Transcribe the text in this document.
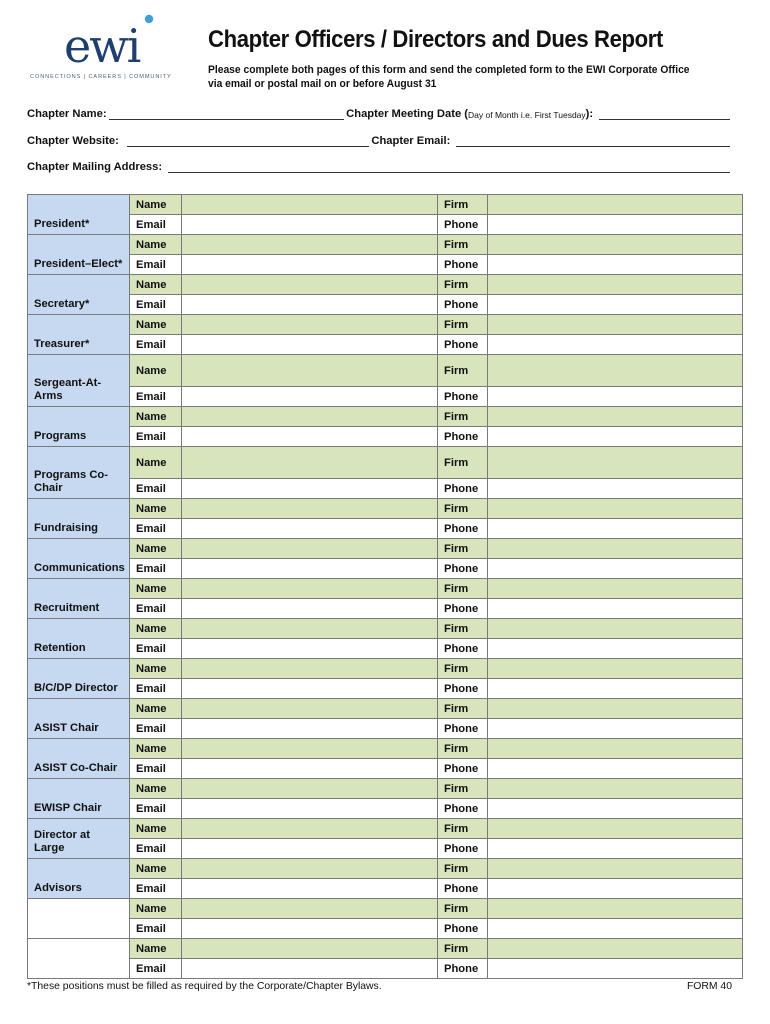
ewi
CONNECTIONS | CAREERS | COMMUNITY
Chapter Officers / Directors and Dues Report
Please complete both pages of this form and send the completed form to the EWI Corporate Office
via email or postal mail on or before August 31
Chapter Name:	Chapter Meeting Date ( Day of Month i.e. First Tuesday ):
Chapter Website:	Chapter Email:
Chapter Mailing Address:
President*	Name		Firm	
	Email		Phone	
President–Elect*	Name		Firm	
	Email		Phone	
Secretary*	Name		Firm	
	Email		Phone	
Treasurer*	Name		Firm	
	Email		Phone	
Sergeant-At-Arms	Name		Firm	
	Email		Phone	
Programs	Name		Firm	
	Email		Phone	
Programs Co-Chair	Name		Firm	
	Email		Phone	
Fundraising	Name		Firm	
	Email		Phone	
Communications	Name		Firm	
	Email		Phone	
Recruitment	Name		Firm	
	Email		Phone	
Retention	Name		Firm	
	Email		Phone	
B/C/DP Director	Name		Firm	
	Email		Phone	
ASIST Chair	Name		Firm	
	Email		Phone	
ASIST Co-Chair	Name		Firm	
	Email		Phone	
EWISP Chair	Name		Firm	
	Email		Phone	
Director at Large	Name		Firm	
	Email		Phone	
Advisors	Name		Firm	
	Email		Phone	
	Name		Firm	
	Email		Phone	
	Name		Firm	
	Email		Phone	
*These positions must be filled as required by the Corporate/Chapter Bylaws.	FORM 40
